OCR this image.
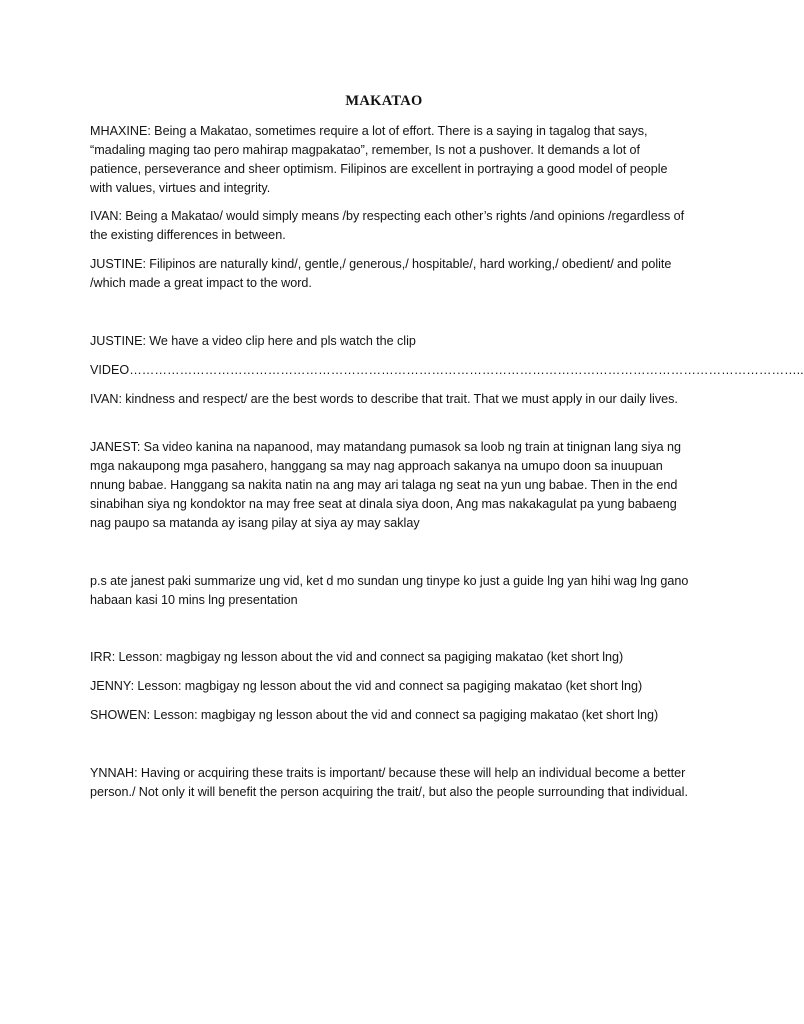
MAKATAO

MHAXINE: Being a Makatao, sometimes require a lot of effort. There is a saying in tagalog that says, “madaling maging tao pero mahirap magpakatao”, remember, Is not a pushover. It demands a lot of patience, perseverance and sheer optimism. Filipinos are excellent in portraying a good model of people with values, virtues and integrity.

IVAN: Being a Makatao/ would simply means /by respecting each other’s rights /and opinions /regardless of the existing differences in between.

JUSTINE: Filipinos are naturally kind/, gentle,/ generous,/ hospitable/, hard working,/ obedient/ and polite /which made a great impact to the word.

JUSTINE: We have a video clip here and pls watch the clip

VIDEO……………………………………………………………………………………………………………………………………………..

IVAN: kindness and respect/ are the best words to describe that trait. That we must apply in our daily lives.

JANEST: Sa video kanina na napanood, may matandang pumasok sa loob ng train at tinignan lang siya ng mga nakaupong mga pasahero, hanggang sa may nag approach sakanya na umupo doon sa inuupuan nnung babae. Hanggang sa nakita natin na ang may ari talaga ng seat na yun ung babae. Then in the end sinabihan siya ng kondoktor na may free seat at dinala siya doon, Ang mas nakakagulat pa yung babaeng nag paupo sa matanda ay isang pilay at siya ay may saklay

p.s ate janest paki summarize ung vid, ket d mo sundan ung tinype ko just a guide lng yan hihi wag lng gano habaan kasi 10 mins lng presentation

IRR: Lesson: magbigay ng lesson about the vid and connect sa pagiging makatao (ket short lng)

JENNY: Lesson: magbigay ng lesson about the vid and connect sa pagiging makatao (ket short lng)

SHOWEN: Lesson: magbigay ng lesson about the vid and connect sa pagiging makatao (ket short lng)

YNNAH: Having or acquiring these traits is important/ because these will help an individual become a better person./ Not only it will benefit the person acquiring the trait/, but also the people surrounding that individual.
